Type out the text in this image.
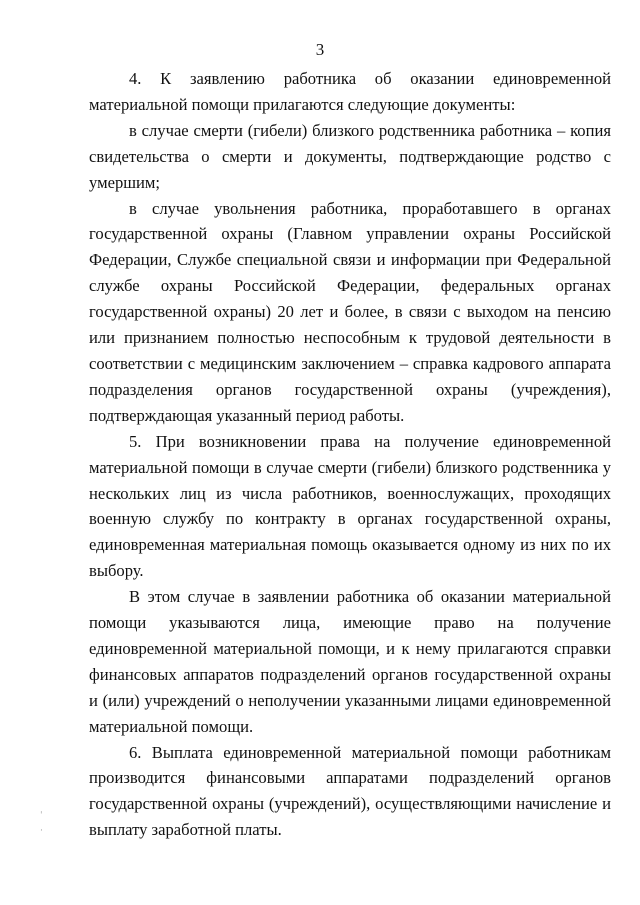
3

4. К заявлению работника об оказании единовременной материальной помощи прилагаются следующие документы:

в случае смерти (гибели) близкого родственника работника – копия свидетельства о смерти и документы, подтверждающие родство с умершим;

в случае увольнения работника, проработавшего в органах государственной охраны (Главном управлении охраны Российской Федерации, Службе специальной связи и информации при Федеральной службе охраны Российской Федерации, федеральных органах государственной охраны) 20 лет и более, в связи с выходом на пенсию или признанием полностью неспособным к трудовой деятельности в соответствии с медицинским заключением – справка кадрового аппарата подразделения органов государственной охраны (учреждения), подтверждающая указанный период работы.

5. При возникновении права на получение единовременной материальной помощи в случае смерти (гибели) близкого родственника у нескольких лиц из числа работников, военнослужащих, проходящих военную службу по контракту в органах государственной охраны, единовременная материальная помощь оказывается одному из них по их выбору.

В этом случае в заявлении работника об оказании материальной помощи указываются лица, имеющие право на получение единовременной материальной помощи, и к нему прилагаются справки финансовых аппаратов подразделений органов государственной охраны и (или) учреждений о неполучении указанными лицами единовременной материальной помощи.

6. Выплата единовременной материальной помощи работникам производится финансовыми аппаратами подразделений органов государственной охраны (учреждений), осуществляющими начисление и выплату заработной платы.

ˈ
·
